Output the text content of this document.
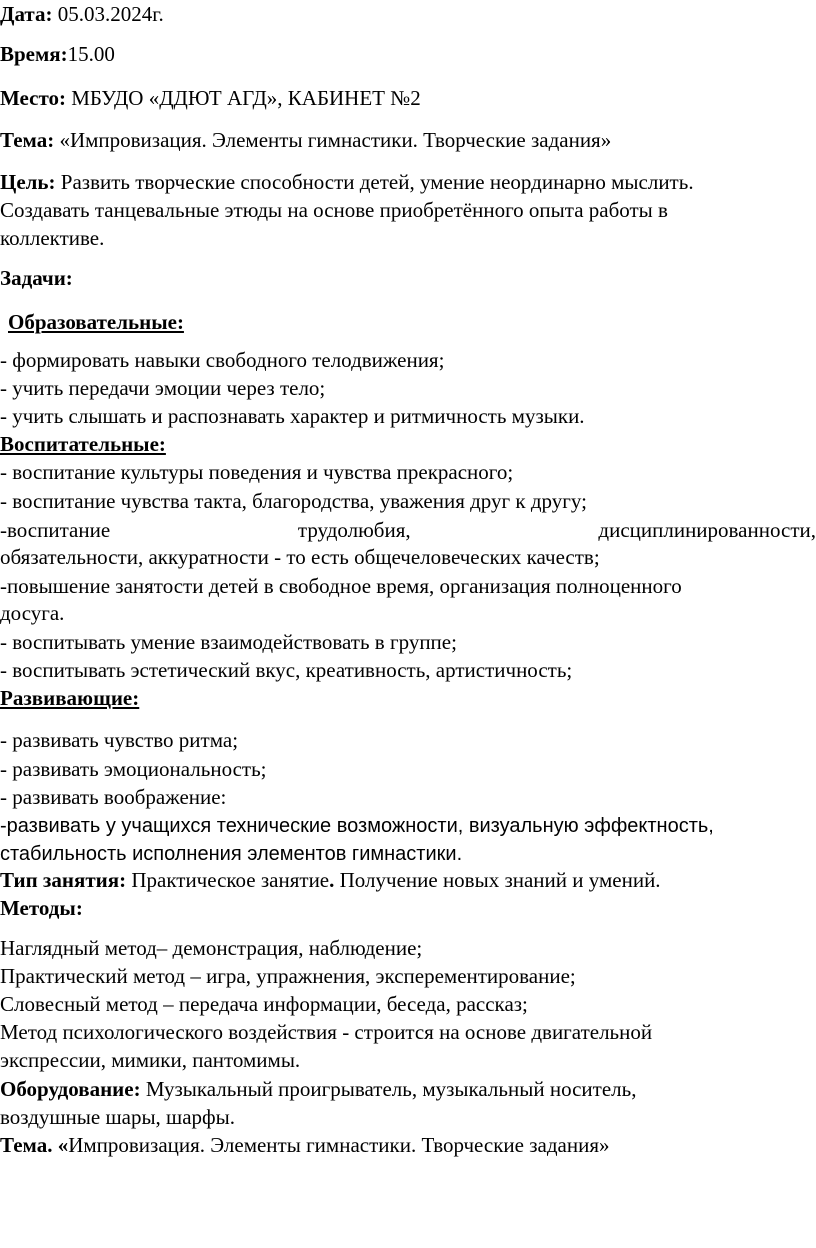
Дата: 05.03.2024г.
Время:15.00
Место: МБУДО «ДДЮТ АГД», КАБИНЕТ №2
Тема: «Импровизация. Элементы гимнастики. Творческие задания»
Цель: Развить творческие способности детей, умение неординарно мыслить.
Создавать танцевальные этюды на основе приобретённого опыта работы в
коллективе.
Задачи:
Образовательные:
- формировать навыки свободного телодвижения;
- учить передачи эмоции через тело;
- учить слышать и распознавать характер и ритмичность музыки.
Воспитательные:
- воспитание культуры поведения и чувства прекрасного;
- воспитание чувства такта, благородства, уважения друг к другу;
-воспитание	трудолюбия,	дисциплинированности,
обязательности, аккуратности - то есть общечеловеческих качеств;
-повышение занятости детей в свободное время, организация полноценного
досуга.
- воспитывать умение взаимодействовать в группе;
- воспитывать эстетический вкус, креативность, артистичность;
Развивающие:
- развивать чувство ритма;
- развивать эмоциональность;
- развивать воображение:
-развивать у учащихся технические возможности, визуальную эффектность,
стабильность исполнения элементов гимнастики.
Тип занятия: Практическое занятие. Получение новых знаний и умений.
Методы:
Наглядный метод– демонстрация, наблюдение;
Практический метод – игра, упражнения, эксперементирование;
Словесный метод – передача информации, беседа, рассказ;
Метод психологического воздействия - строится на основе двигательной
экспрессии, мимики, пантомимы.
Оборудование: Музыкальный проигрыватель, музыкальный носитель,
воздушные шары, шарфы.
Тема. «Импровизация. Элементы гимнастики. Творческие задания»
